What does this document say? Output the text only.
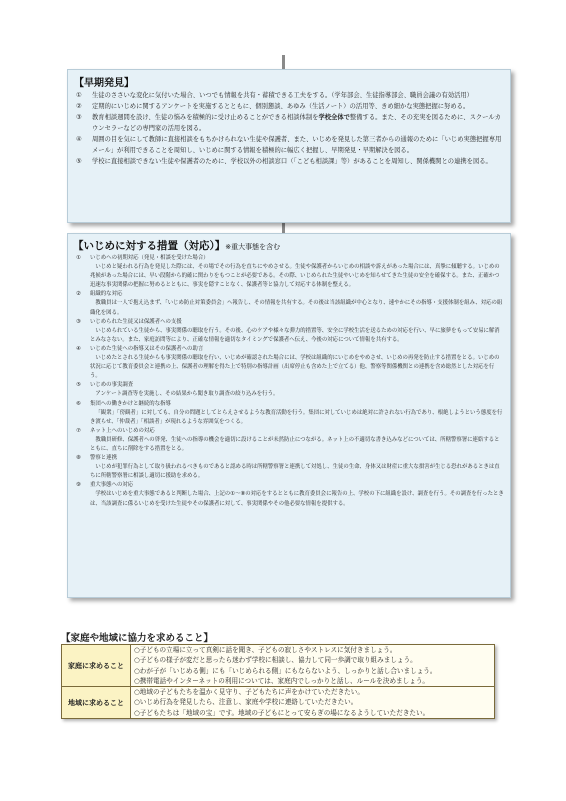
【早期発見】
① 生徒のささいな変化に気付いた場合、いつでも情報を共有・蓄積できる工夫をする。（学年部会、生徒指導部会、職員会議の有効活用）
② 定期的にいじめに関するアンケートを実施するとともに、個別懇談、あゆみ（生活ノート）の活用等、きめ細かな実態把握に努める。
③ 教育相談週間を設け、生徒の悩みを積極的に受け止めることができる相談体制を学校全体で整備する。また、その充実を図るために、スクールカウンセラーなどの専門家の活用を図る。
④ 周囲の目を気にして教師に直接相談をもちかけられない生徒や保護者、また、いじめを発見した第三者からの通報のために「いじめ実態把握専用メール」が利用できることを周知し、いじめに関する情報を積極的に幅広く把握し、早期発見・早期解決を図る。
⑤ 学校に直接相談できない生徒や保護者のために、学校以外の相談窓口（「こども相談課」等）があることを周知し、関係機関との連携を図る。
【いじめに対する措置（対応）】※重大事態を含む
① いじめへの初期対応（発見・相談を受けた場合）
いじめと疑われる行為を発見した際には、その場でその行為を直ちにやめさせる。生徒や保護者からいじめの相談や訴えがあった場合には、真摯に傾聴する。いじめの兆候があった場合には、早い段階から的確に関わりをもつことが必要である。その際、いじめられた生徒やいじめを知らせてきた生徒の安全を確保する。また、正確かつ迅速な事実関係の把握に努めるとともに、事実を隠すことなく、保護者等と協力して対応する体制を整える。
② 組織的な対応
教職員は一人で抱え込まず、「いじめ防止対策委員会」へ報告し、その情報を共有する。その後は当該組織が中心となり、速やかにその指導・支援体制を組み、対応の組織化を図る。
③ いじめられた生徒又は保護者への支援
いじめられている生徒から、事実関係の聴取を行う。その後、心のケアや様々な弾力的措置等、安全に学校生活を送るための対応を行い、早に旅夢をもって安易に解消とみなさない。また、家庭訪問等により、正確な情報を適切なタイミングで保護者へ伝え、今後の対応について情報を共有する。
④ いじめた生徒への指導又はその保護者への助言
いじめたとされる生徒からも事実関係の聴取を行い、いじめが確認された場合には、学校は組織的にいじめをやめさせ、いじめの再発を防止する措置をとる。いじめの状況に応じて教育委員会と連携の上、保護者の理解を得た上で特別の指導計画（出席停止も含めた上で立てる）他、警察等関係機関との連携を含め総然とした対応を行う。
⑤ いじめの事実調査
アンケート調査等を実施し、その結果から聞き取り調査の絞り込みを行う。
⑥ 集団への働きかけと継続的な指導
「観衆」「傍観者」に対しても、自分の問題としてとらえさせるような教育活動を行う。集団に対していじめは絶対に許されない行為であり、根絶しようという態度を行き渡らせ、「仲裁者」「相談者」が現れるような雰囲気をつくる。
⑦ ネット上へのいじめの対応
教職員研修、保護者への啓発、生徒への指導の機会を適切に設けることが未然防止につながる。ネット上の不適切な書き込みなどについては、所轄警察署に連絡するとともに、直ちに削除をする措置をとる。
⑧ 警察と連携
いじめが犯罪行為として取り扱われるべきものであると認める時は所轄警察署と連携して対処し、生徒の生命、身体又は財産に重大な損害が生じる恐れがあるときは直ちに所轄警察署に相談し適切に援助を求める。
⑨ 重大事態への対応
学校はいじめを重大事態であると判断した場合、上記の①～⑧の対応をするとともに教育委員会に報告の上、学校の下に組織を設け、調査を行う。その調査を行ったときは、当該調査に係るいじめを受けた生徒やその保護者に対して、事実関係やその他必要な情報を提供する。
【家庭や地域に協力を求めること】
家庭に求めること	○子どもの立場に立って真剣に話を聞き、子どもの寂しさやストレスに気付きましょう。
○子どもの様子が変だと思ったら迷わず学校に相談し、協力して同一歩調で取り組みましょう。
○わが子が「いじめる側」にも「いじめられる側」にもならないよう、しっかりと話し合いましょう。
○携帯電話やインターネットの利用については、家庭内でしっかりと話し、ルールを決めましょう。

地域に求めること	○地域の子どもたちを温かく見守り、子どもたちに声をかけていただきたい。
○いじめ行為を発見したら、注意し、家庭や学校に連絡していただきたい。
○子どもたちは「地域の宝」です。地域の子どもにとって安らぎの場になるようしていただきたい。
